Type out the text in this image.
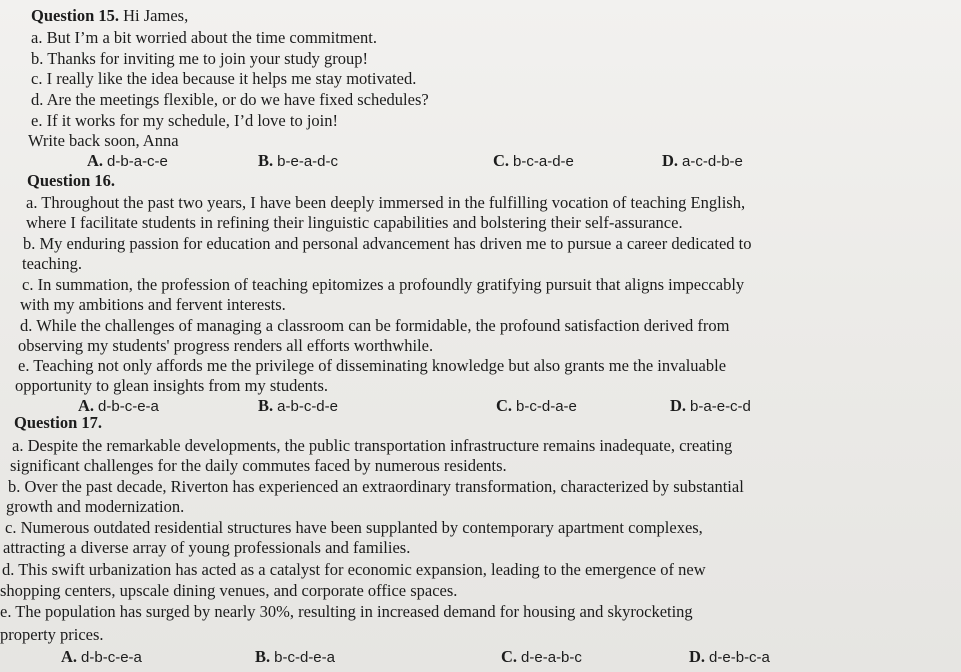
Question 15. Hi James,
a. But I’m a bit worried about the time commitment.
b. Thanks for inviting me to join your study group!
c. I really like the idea because it helps me stay motivated.
d. Are the meetings flexible, or do we have fixed schedules?
e. If it works for my schedule, I’d love to join!
Write back soon, Anna
A. d-b-a-c-e	B. b-e-a-d-c	C. b-c-a-d-e	D. a-c-d-b-e
Question 16.
a. Throughout the past two years, I have been deeply immersed in the fulfilling vocation of teaching English,
where I facilitate students in refining their linguistic capabilities and bolstering their self-assurance.
b. My enduring passion for education and personal advancement has driven me to pursue a career dedicated to
teaching.
c. In summation, the profession of teaching epitomizes a profoundly gratifying pursuit that aligns impeccably
with my ambitions and fervent interests.
d. While the challenges of managing a classroom can be formidable, the profound satisfaction derived from
observing my students' progress renders all efforts worthwhile.
e. Teaching not only affords me the privilege of disseminating knowledge but also grants me the invaluable
opportunity to glean insights from my students.
A. d-b-c-e-a	B. a-b-c-d-e	C. b-c-d-a-e	D. b-a-e-c-d
Question 17.
a. Despite the remarkable developments, the public transportation infrastructure remains inadequate, creating
significant challenges for the daily commutes faced by numerous residents.
b. Over the past decade, Riverton has experienced an extraordinary transformation, characterized by substantial
growth and modernization.
c. Numerous outdated residential structures have been supplanted by contemporary apartment complexes,
attracting a diverse array of young professionals and families.
d. This swift urbanization has acted as a catalyst for economic expansion, leading to the emergence of new
shopping centers, upscale dining venues, and corporate office spaces.
e. The population has surged by nearly 30%, resulting in increased demand for housing and skyrocketing
property prices.
A. d-b-c-e-a	B. b-c-d-e-a	C. d-e-a-b-c	D. d-e-b-c-a
